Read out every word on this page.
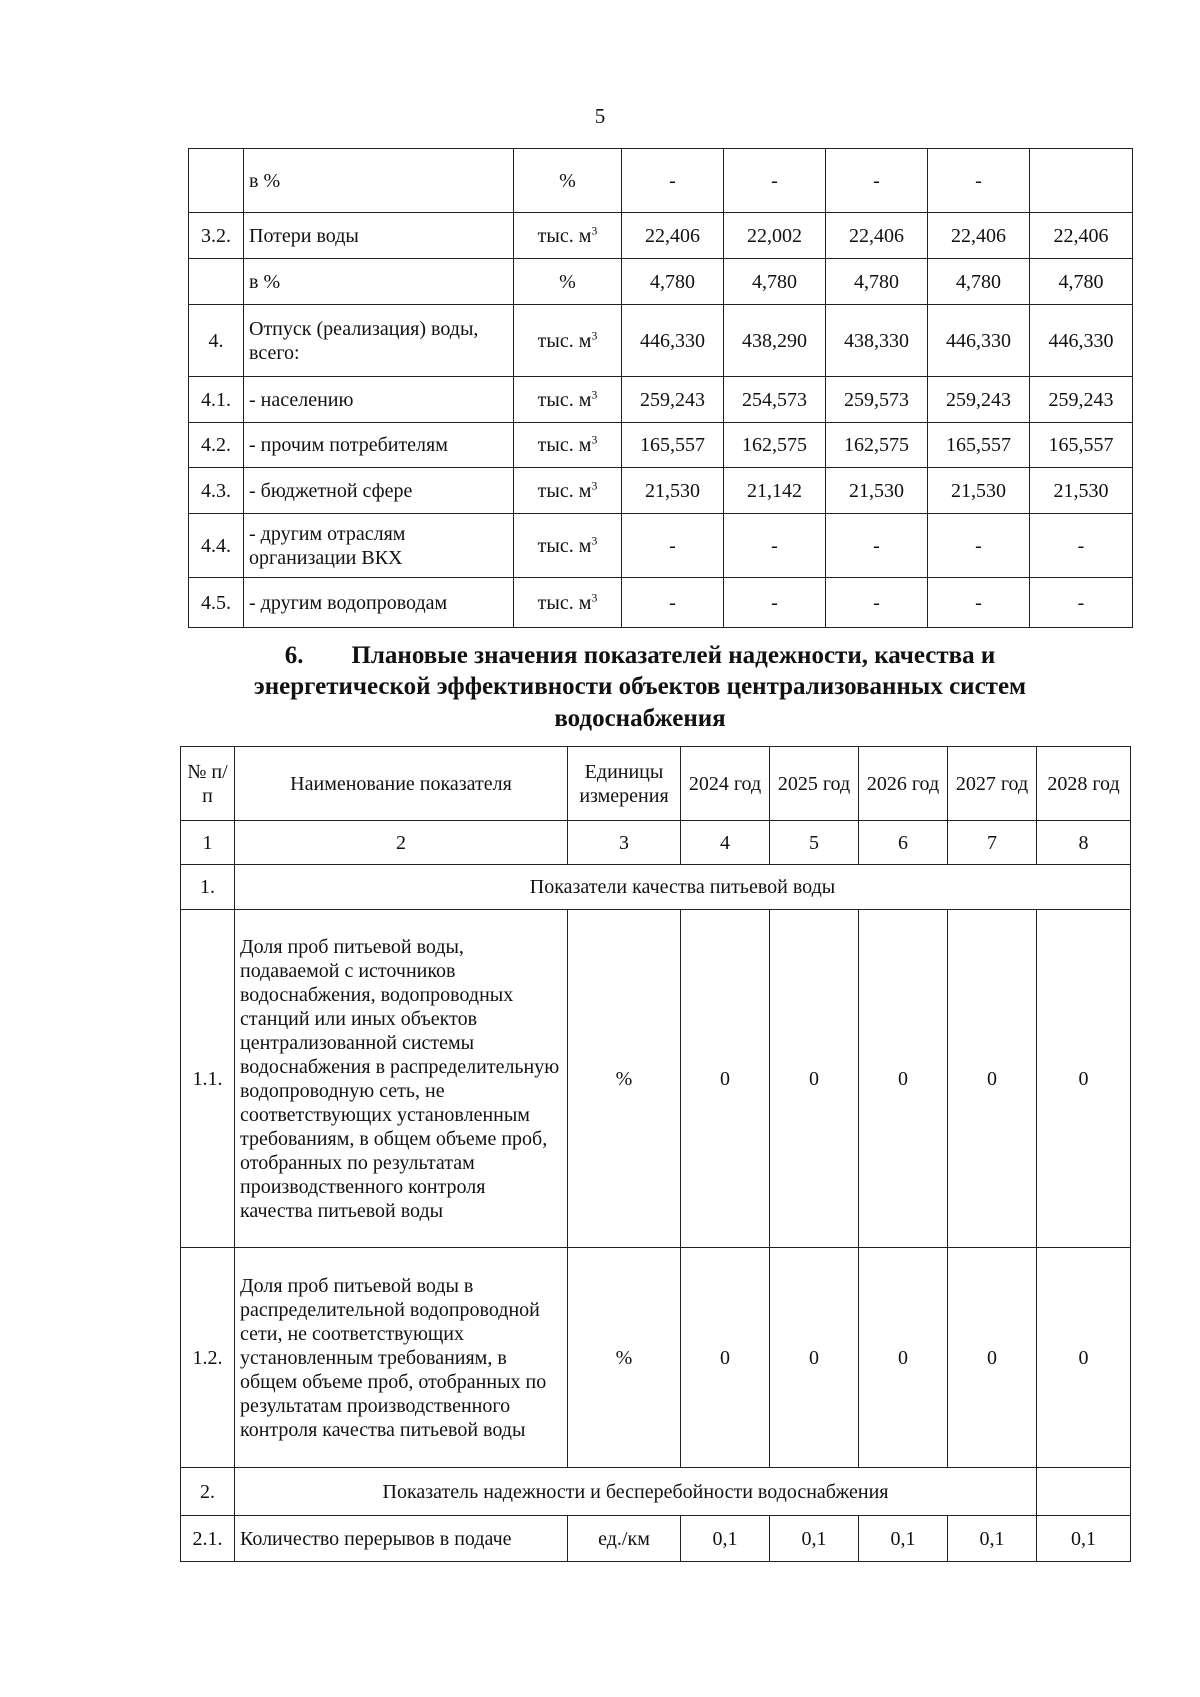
5
	в %	%	-	-	-	-	
3.2.	Потери воды	тыс. $м^3$	22,406	22,002	22,406	22,406	22,406
	в %	%	4,780	4,780	4,780	4,780	4,780
4.	Отпуск (реализация) воды, всего:	тыс. $м^3$	446,330	438,290	438,330	446,330	446,330
4.1.	- населению	тыс. $м^3$	259,243	254,573	259,573	259,243	259,243
4.2.	- прочим потребителям	тыс. $м^3$	165,557	162,575	162,575	165,557	165,557
4.3.	- бюджетной сфере	тыс. $м^3$	21,530	21,142	21,530	21,530	21,530
4.4.	- другим отраслям организации ВКХ	тыс. $м^3$	-	-	-	-	-
4.5.	- другим водопроводам	тыс. $м^3$	-	-	-	-	-
6. Плановые значения показателей надежности, качества и энергетической эффективности объектов централизованных систем водоснабжения
№ п/п	Наименование показателя	Единицы измерения	2024 год	2025 год	2026 год	2027 год	2028 год
1	2	3	4	5	6	7	8
1.	Показатели качества питьевой воды						
1.1.	Доля проб питьевой воды, подаваемой с источников водоснабжения, водопроводных станций или иных объектов централизованной системы водоснабжения в распределительную водопроводную сеть, не соответствующих установленным требованиям, в общем объеме проб, отобранных по результатам производственного контроля качества питьевой воды	%	0	0	0	0	0
1.2.	Доля проб питьевой воды в распределительной водопроводной сети, не соответствующих установленным требованиям, в общем объеме проб, отобранных по результатам производственного контроля качества питьевой воды	%	0	0	0	0	0
2.	Показатель надежности и бесперебойности водоснабжения						
2.1.	Количество перерывов в подаче	ед./км	0,1	0,1	0,1	0,1	0,1
